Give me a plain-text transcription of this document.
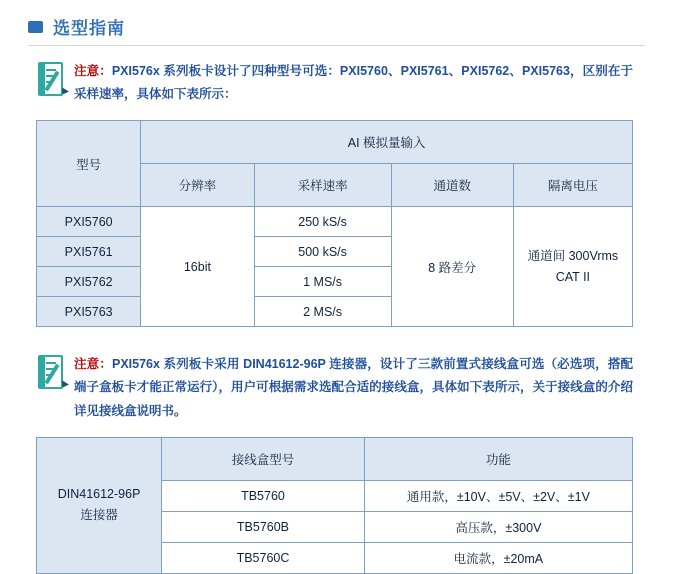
选型指南
注意：PXI576x 系列板卡设计了四种型号可选：PXI5760、PXI5761、PXI5762、PXI5763，区别在于采样速率，具体如下表所示：
型号	AI 模拟量输入			
	分辨率	采样速率	通道数	隔离电压
PXI5760	16bit	250 kS/s	8 路差分	通道间 300Vrms
CAT II

PXI5761		500 kS/s		
PXI5762		1 MS/s		
PXI5763		2 MS/s		
注意：PXI576x 系列板卡采用 DIN41612-96P 连接器，设计了三款前置式接线盒可选（必选项，搭配端子盒板卡才能正常运行），用户可根据需求选配合适的接线盒，具体如下表所示，关于接线盒的介绍详见接线盒说明书。
DIN41612-96P
连接器	接线盒型号	功能
	TB5760	通用款，±10V、±5V、±2V、±1V
	TB5760B	高压款，±300V
	TB5760C	电流款，±20mA
